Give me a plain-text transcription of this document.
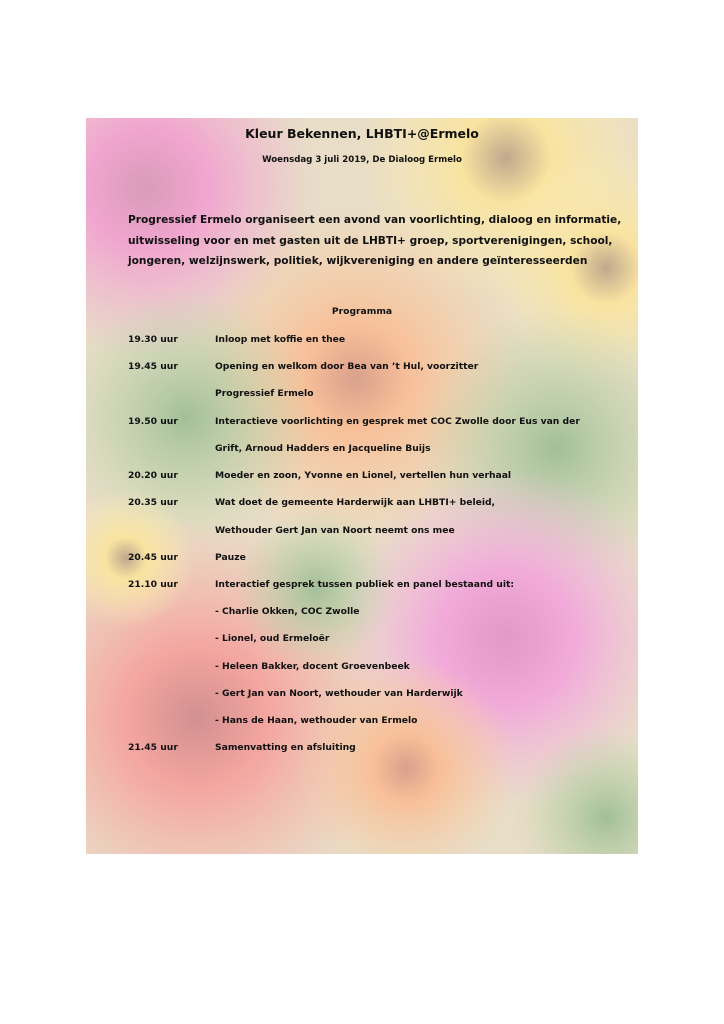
Kleur Bekennen, LHBTI+@Ermelo
Woensdag 3 juli 2019, De Dialoog Ermelo
Progressief Ermelo organiseert een avond van voorlichting, dialoog en informatie,
uitwisseling voor en met gasten uit de LHBTI+ groep, sportverenigingen, school,
jongeren, welzijnswerk, politiek, wijkvereniging en andere geïnteresseerden
Programma
19.30 uur	Inloop met koffie en thee
19.45 uur	Opening en welkom door Bea van ’t Hul, voorzitter
Progressief Ermelo
19.50 uur	Interactieve voorlichting en gesprek met COC Zwolle door Eus van der
Grift, Arnoud Hadders en Jacqueline Buijs
20.20 uur	Moeder en zoon, Yvonne en Lionel, vertellen hun verhaal
20.35 uur	Wat doet de gemeente Harderwijk aan LHBTI+ beleid,
Wethouder Gert Jan van Noort neemt ons mee
20.45 uur	Pauze
21.10 uur	Interactief gesprek tussen publiek en panel bestaand uit:
- Charlie Okken, COC Zwolle
- Lionel, oud Ermeloër
- Heleen Bakker, docent Groevenbeek
- Gert Jan van Noort, wethouder van Harderwijk
- Hans de Haan, wethouder van Ermelo
21.45 uur	Samenvatting en afsluiting
